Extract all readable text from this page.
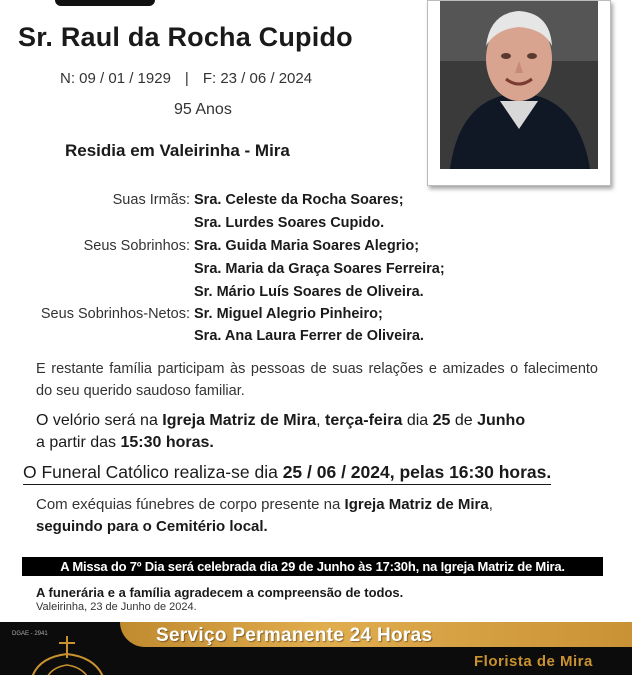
Sr. Raul da Rocha Cupido
N: 09 / 01 / 1929 | F: 23 / 06 / 2024
95 Anos
Residia em Valeirinha - Mira
Suas Irmãs: Sra. Celeste da Rocha Soares;
Sra. Lurdes Soares Cupido.
Seus Sobrinhos: Sra. Guida Maria Soares Alegrio;
Sra. Maria da Graça Soares Ferreira;
Sr. Mário Luís Soares de Oliveira.
Seus Sobrinhos-Netos: Sr. Miguel Alegrio Pinheiro;
Sra. Ana Laura Ferrer de Oliveira.
E restante família participam às pessoas de suas relações e amizades o falecimento do seu querido saudoso familiar.
O velório será na Igreja Matriz de Mira, terça-feira dia 25 de Junho
a partir das 15:30 horas.
O Funeral Católico realiza-se dia 25 / 06 / 2024, pelas 16:30 horas.
Com exéquias fúnebres de corpo presente na Igreja Matriz de Mira,
seguindo para o Cemitério local.
A Missa do 7º Dia será celebrada dia 29 de Junho às 17:30h, na Igreja Matriz de Mira.
A funerária e a família agradecem a compreensão de todos.
Valeirinha, 23 de Junho de 2024.
DGAE - 2941	Serviço Permanente 24 Horas
Florista de Mira
